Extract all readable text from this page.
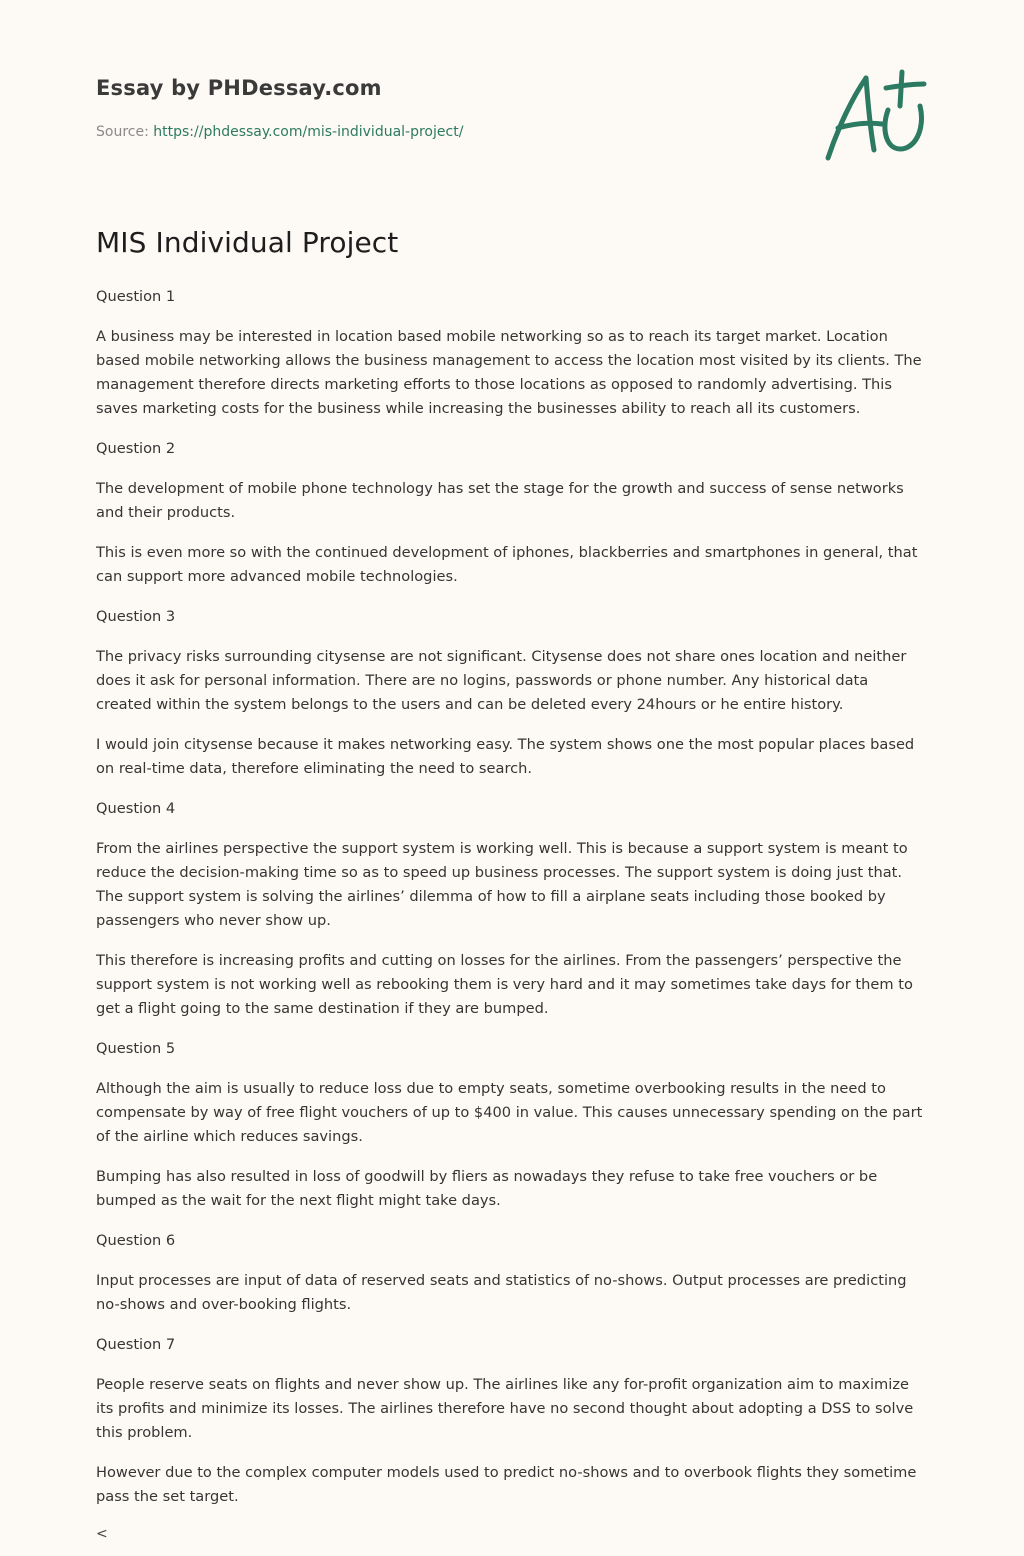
Essay by PHDessay.com

Source: https://phdessay.com/mis-individual-project/

MIS Individual Project

Question 1

A business may be interested in location based mobile networking so as to reach its target market. Location based mobile networking allows the business management to access the location most visited by its clients. The management therefore directs marketing efforts to those locations as opposed to randomly advertising. This saves marketing costs for the business while increasing the businesses ability to reach all its customers.

Question 2

The development of mobile phone technology has set the stage for the growth and success of sense networks and their products.

This is even more so with the continued development of iphones, blackberries and smartphones in general, that can support more advanced mobile technologies.

Question 3

The privacy risks surrounding citysense are not significant. Citysense does not share ones location and neither does it ask for personal information. There are no logins, passwords or phone number. Any historical data created within the system belongs to the users and can be deleted every 24hours or he entire history.

I would join citysense because it makes networking easy. The system shows one the most popular places based on real-time data, therefore eliminating the need to search.

Question 4

From the airlines perspective the support system is working well. This is because a support system is meant to reduce the decision-making time so as to speed up business processes. The support system is doing just that. The support system is solving the airlines’ dilemma of how to fill a airplane seats including those booked by passengers who never show up.

This therefore is increasing profits and cutting on losses for the airlines. From the passengers’ perspective the support system is not working well as rebooking them is very hard and it may sometimes take days for them to get a flight going to the same destination if they are bumped.

Question 5

Although the aim is usually to reduce loss due to empty seats, sometime overbooking results in the need to compensate by way of free flight vouchers of up to $400 in value. This causes unnecessary spending on the part of the airline which reduces savings.

Bumping has also resulted in loss of goodwill by fliers as nowadays they refuse to take free vouchers or be bumped as the wait for the next flight might take days.

Question 6

Input processes are input of data of reserved seats and statistics of no-shows. Output processes are predicting no-shows and over-booking flights.

Question 7

People reserve seats on flights and never show up. The airlines like any for-profit organization aim to maximize its profits and minimize its losses. The airlines therefore have no second thought about adopting a DSS to solve this problem.

However due to the complex computer models used to predict no-shows and to overbook flights they sometime pass the set target.

<
